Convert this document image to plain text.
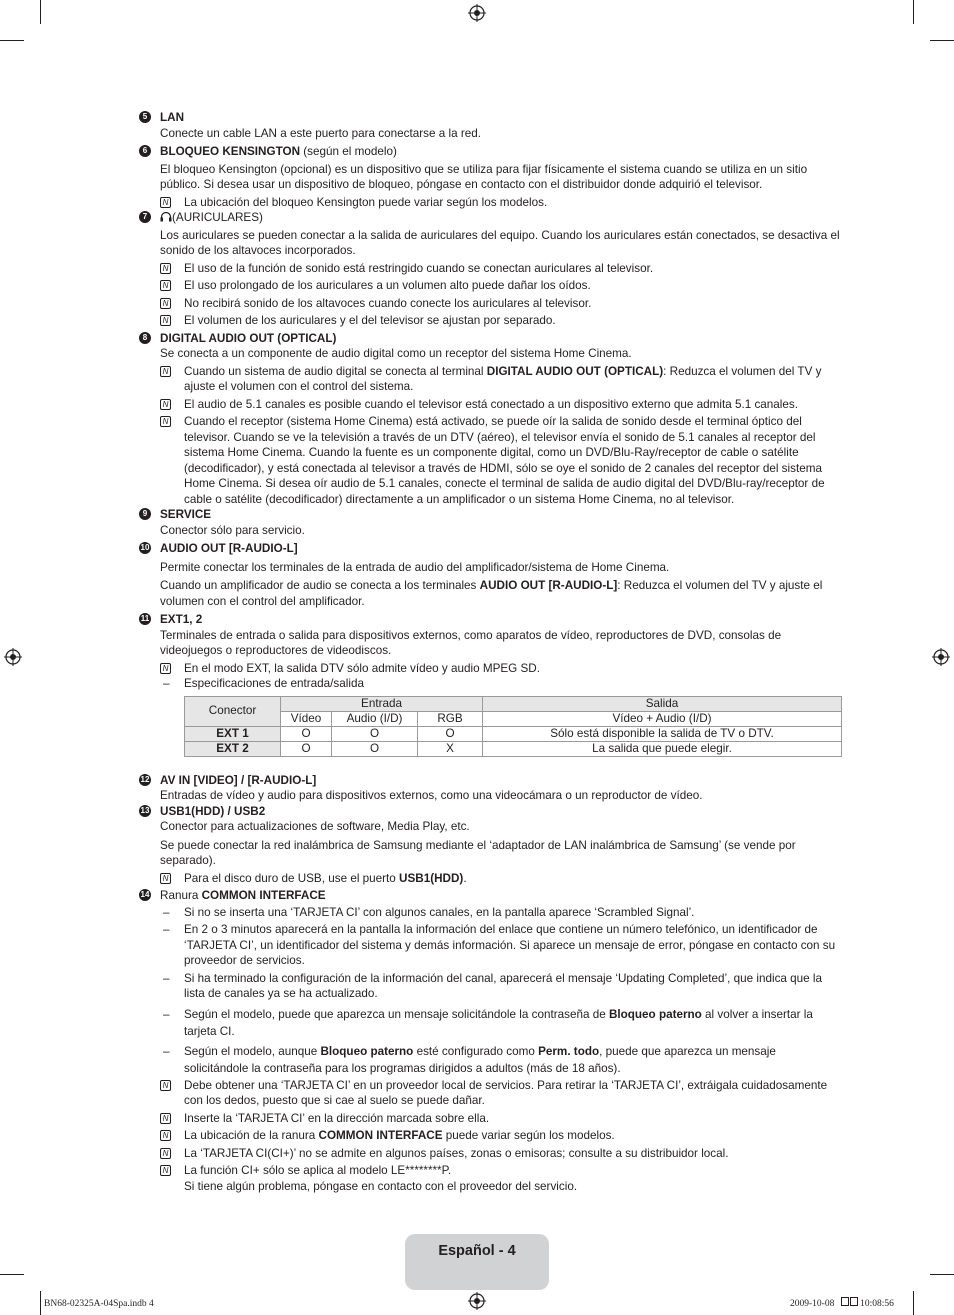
5	LAN
Conecte un cable LAN a este puerto para conectarse a la red.
6	BLOQUEO KENSINGTON (según el modelo)
El bloqueo Kensington (opcional) es un dispositivo que se utiliza para fijar físicamente el sistema cuando se utiliza en un sitio público. Si desea usar un dispositivo de bloqueo, póngase en contacto con el distribuidor donde adquirió el televisor.
N La ubicación del bloqueo Kensington puede variar según los modelos.
7	(AURICULARES)
Los auriculares se pueden conectar a la salida de auriculares del equipo. Cuando los auriculares están conectados, se desactiva el sonido de los altavoces incorporados.
N El uso de la función de sonido está restringido cuando se conectan auriculares al televisor.
N El uso prolongado de los auriculares a un volumen alto puede dañar los oídos.
N No recibirá sonido de los altavoces cuando conecte los auriculares al televisor.
N El volumen de los auriculares y el del televisor se ajustan por separado.
8	DIGITAL AUDIO OUT (OPTICAL)
Se conecta a un componente de audio digital como un receptor del sistema Home Cinema.
N Cuando un sistema de audio digital se conecta al terminal DIGITAL AUDIO OUT (OPTICAL): Reduzca el volumen del TV y ajuste el volumen con el control del sistema.
N El audio de 5.1 canales es posible cuando el televisor está conectado a un dispositivo externo que admita 5.1 canales.
N Cuando el receptor (sistema Home Cinema) está activado, se puede oír la salida de sonido desde el terminal óptico del televisor. Cuando se ve la televisión a través de un DTV (aéreo), el televisor envía el sonido de 5.1 canales al receptor del sistema Home Cinema. Cuando la fuente es un componente digital, como un DVD/Blu-Ray/receptor de cable o satélite (decodificador), y está conectada al televisor a través de HDMI, sólo se oye el sonido de 2 canales del receptor del sistema Home Cinema. Si desea oír audio de 5.1 canales, conecte el terminal de salida de audio digital del DVD/Blu-ray/receptor de cable o satélite (decodificador) directamente a un amplificador o un sistema Home Cinema, no al televisor.
9	SERVICE
Conector sólo para servicio.
10 AUDIO OUT [R-AUDIO-L]
Permite conectar los terminales de la entrada de audio del amplificador/sistema de Home Cinema.
Cuando un amplificador de audio se conecta a los terminales AUDIO OUT [R-AUDIO-L]: Reduzca el volumen del TV y ajuste el volumen con el control del amplificador.
11 EXT1, 2
Terminales de entrada o salida para dispositivos externos, como aparatos de vídeo, reproductores de DVD, consolas de videojuegos o reproductores de videodiscos.
N En el modo EXT, la salida DTV sólo admite vídeo y audio MPEG SD.
– Especificaciones de entrada/salida
Conector	Entrada			Salida
	Vídeo	Audio (I/D)	RGB	Vídeo + Audio (I/D)
EXT 1	O	O	O	Sólo está disponible la salida de TV o DTV.
EXT 2	O	O	X	La salida que puede elegir.
12 AV IN [VIDEO] / [R-AUDIO-L]
Entradas de vídeo y audio para dispositivos externos, como una videocámara o un reproductor de vídeo.
13 USB1(HDD) / USB2
Conector para actualizaciones de software, Media Play, etc.
Se puede conectar la red inalámbrica de Samsung mediante el ‘adaptador de LAN inalámbrica de Samsung’ (se vende por separado).
N Para el disco duro de USB, use el puerto USB1(HDD).
14 Ranura COMMON INTERFACE
– Si no se inserta una ‘TARJETA CI’ con algunos canales, en la pantalla aparece ‘Scrambled Signal’.
– En 2 o 3 minutos aparecerá en la pantalla la información del enlace que contiene un número telefónico, un identificador de ‘TARJETA CI’, un identificador del sistema y demás información. Si aparece un mensaje de error, póngase en contacto con su proveedor de servicios.
– Si ha terminado la configuración de la información del canal, aparecerá el mensaje ‘Updating Completed’, que indica que la lista de canales ya se ha actualizado.
– Según el modelo, puede que aparezca un mensaje solicitándole la contraseña de Bloqueo paterno al volver a insertar la tarjeta CI.
– Según el modelo, aunque Bloqueo paterno esté configurado como Perm. todo, puede que aparezca un mensaje solicitándole la contraseña para los programas dirigidos a adultos (más de 18 años).
N Debe obtener una ‘TARJETA CI’ en un proveedor local de servicios. Para retirar la ‘TARJETA CI’, extráigala cuidadosamente con los dedos, puesto que si cae al suelo se puede dañar.
N Inserte la ‘TARJETA CI’ en la dirección marcada sobre ella.
N La ubicación de la ranura COMMON INTERFACE puede variar según los modelos.
N La ‘TARJETA CI(CI+)’ no se admite en algunos países, zonas o emisoras; consulte a su distribuidor local.
N La función CI+ sólo se aplica al modelo LE********P.
Si tiene algún problema, póngase en contacto con el proveedor del servicio.
Español - 4
BN68-02325A-04Spa.indb 4	2009-10-08	10:08:56
